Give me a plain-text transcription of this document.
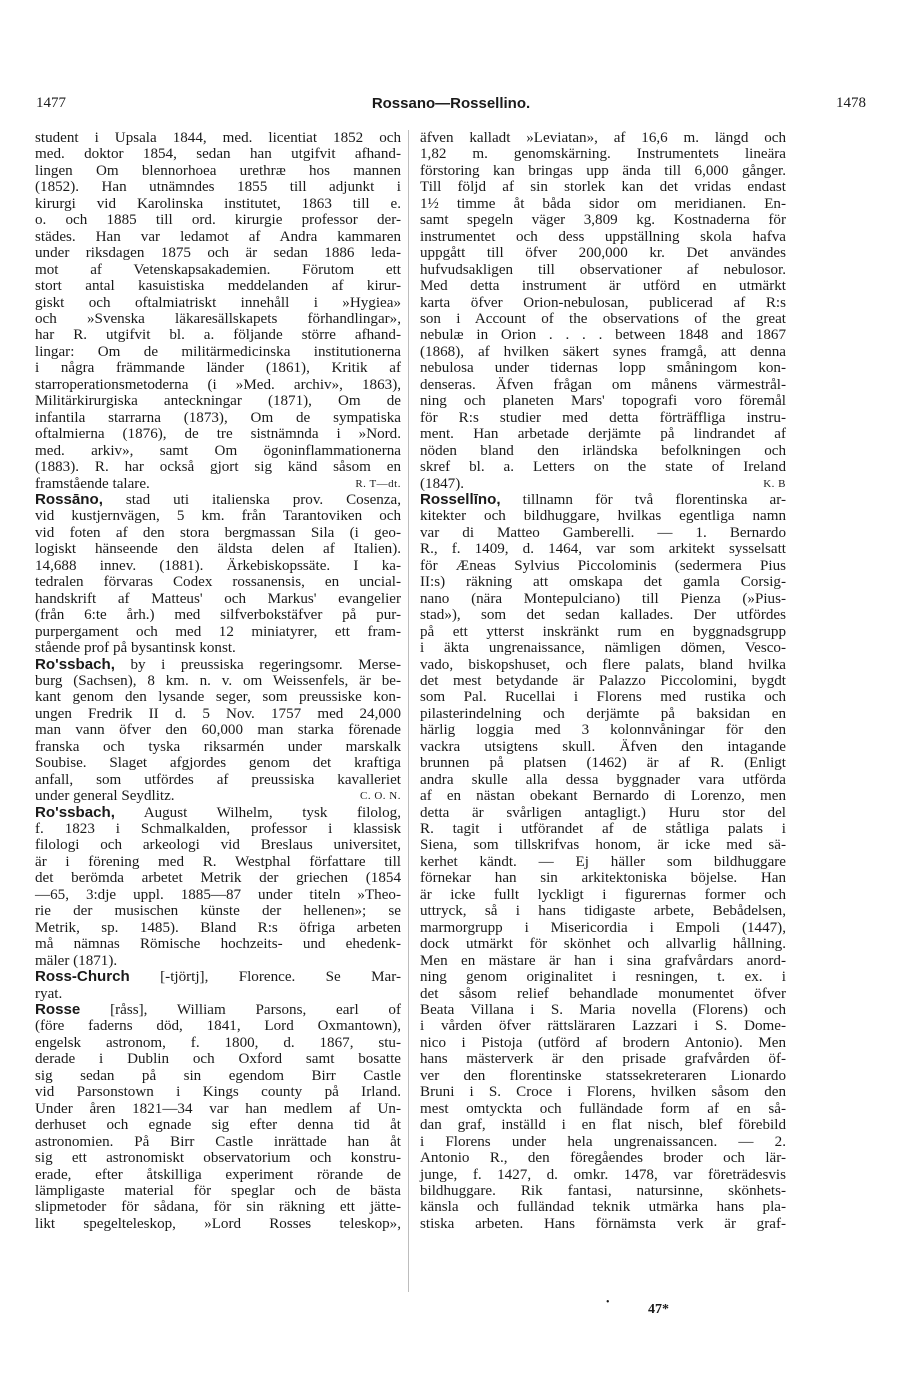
1477	Rossano—Rossellino.	1478
student i Upsala 1844, med. licentiat 1852 och
med. doktor 1854, sedan han utgifvit afhand-
lingen Om blennorhoea urethræ hos mannen
(1852). Han utnämndes 1855 till adjunkt i
kirurgi vid Karolinska institutet, 1863 till e.
o. och 1885 till ord. kirurgie professor der-
städes. Han var ledamot af Andra kammaren
under riksdagen 1875 och är sedan 1886 leda-
mot af Vetenskapsakademien. Förutom ett
stort antal kasuistiska meddelanden af kirur-
giskt och oftalmiatriskt innehåll i »Hygiea»
och »Svenska läkaresällskapets förhandlingar»,
har R. utgifvit bl. a. följande större afhand-
lingar: Om de militärmedicinska institutionerna
i några främmande länder (1861), Kritik af
starroperationsmetoderna (i »Med. archiv», 1863),
Militärkirurgiska anteckningar (1871), Om de
infantila starrarna (1873), Om de sympatiska
oftalmierna (1876), de tre sistnämnda i »Nord.
med. arkiv», samt Om ögoninflammationerna
(1883). R. har också gjort sig känd såsom en
framstående talare.	R. T—dt.
Rossāno, stad uti italienska prov. Cosenza,
vid kustjernvägen, 5 km. från Tarantoviken och
vid foten af den stora bergmassan Sila (i geo-
logiskt hänseende den äldsta delen af Italien).
14,688 innev. (1881). Ärkebiskopssäte. I ka-
tedralen förvaras Codex rossanensis, en uncial-
handskrift af Matteus' och Markus' evangelier
(från 6:te årh.) med silfverbokstäfver på pur-
purpergament och med 12 miniatyrer, ett fram-
stående prof på bysantinsk konst.
Ro'ssbach, by i preussiska regeringsomr. Merse-
burg (Sachsen), 8 km. n. v. om Weissenfels, är be-
kant genom den lysande seger, som preussiske kon-
ungen Fredrik II d. 5 Nov. 1757 med 24,000
man vann öfver den 60,000 man starka förenade
franska och tyska riksarmén under marskalk
Soubise. Slaget afgjordes genom det kraftiga
anfall, som utfördes af preussiska kavalleriet
under general Seydlitz.	C. O. N.
Ro'ssbach, August Wilhelm, tysk filolog,
f. 1823 i Schmalkalden, professor i klassisk
filologi och arkeologi vid Breslaus universitet,
är i förening med R. Westphal författare till
det berömda arbetet Metrik der griechen (1854
—65, 3:dje uppl. 1885—87 under titeln »Theo-
rie der musischen künste der hellenen»; se
Metrik, sp. 1485). Bland R:s öfriga arbeten
må nämnas Römische hochzeits- und ehedenk-
mäler (1871).
Ross-Church [-tjörtj], Florence. Se Mar-
ryat.
Rosse [råss], William Parsons, earl of
(före faderns död, 1841, Lord Oxmantown),
engelsk astronom, f. 1800, d. 1867, stu-
derade i Dublin och Oxford samt bosatte
sig sedan på sin egendom Birr Castle
vid Parsonstown i Kings county på Irland.
Under åren 1821—34 var han medlem af Un-
derhuset och egnade sig efter denna tid åt
astronomien. På Birr Castle inrättade han åt
sig ett astronomiskt observatorium och konstru-
erade, efter åtskilliga experiment rörande de
lämpligaste material för speglar och de bästa
slipmetoder för sådana, för sin räkning ett jätte-
likt spegelteleskop, »Lord Rosses teleskop»,
äfven kalladt »Leviatan», af 16,6 m. längd och
1,82 m. genomskärning. Instrumentets lineära
förstoring kan bringas upp ända till 6,000 gånger.
Till följd af sin storlek kan det vridas endast
1½ timme åt båda sidor om meridianen. En-
samt spegeln väger 3,809 kg. Kostnaderna för
instrumentet och dess uppställning skola hafva
uppgått till öfver 200,000 kr. Det användes
hufvudsakligen till observationer af nebulosor.
Med detta instrument är utförd en utmärkt
karta öfver Orion-nebulosan, publicerad af R:s
son i Account of the observations of the great
nebulæ in Orion . . . . between 1848 and 1867
(1868), af hvilken säkert synes framgå, att denna
nebulosa under tidernas lopp småningom kon-
denseras. Äfven frågan om månens värmestrål-
ning och planeten Mars' topografi voro föremål
för R:s studier med detta förträffliga instru-
ment. Han arbetade derjämte på lindrandet af
nöden bland den irländska befolkningen och
skref bl. a. Letters on the state of Ireland
(1847).	K. B
Rossellīno, tillnamn för två florentinska ar-
kitekter och bildhuggare, hvilkas egentliga namn
var di Matteo Gamberelli. — 1. Bernardo
R., f. 1409, d. 1464, var som arkitekt sysselsatt
för Æneas Sylvius Piccolominis (sedermera Pius
II:s) räkning att omskapa det gamla Corsig-
nano (nära Montepulciano) till Pienza (»Pius-
stad»), som det sedan kallades. Der utfördes
på ett ytterst inskränkt rum en byggnadsgrupp
i äkta ungrenaissance, nämligen dömen, Vesco-
vado, biskopshuset, och flere palats, bland hvilka
det mest betydande är Palazzo Piccolomini, bygdt
som Pal. Rucellai i Florens med rustika och
pilasterindelning och derjämte på baksidan en
härlig loggia med 3 kolonnvåningar för den
vackra utsigtens skull. Äfven den intagande
brunnen på platsen (1462) är af R. (Enligt
andra skulle alla dessa byggnader vara utförda
af en nästan obekant Bernardo di Lorenzo, men
detta är svårligen antagligt.) Huru stor del
R. tagit i utförandet af de ståtliga palats i
Siena, som tillskrifvas honom, är icke med sä-
kerhet kändt. — Ej häller som bildhuggare
förnekar han sin arkitektoniska böjelse. Han
är icke fullt lyckligt i figurernas former och
uttryck, så i hans tidigaste arbete, Bebådelsen,
marmorgrupp i Misericordia i Empoli (1447),
dock utmärkt för skönhet och allvarlig hållning.
Men en mästare är han i sina grafvårdars anord-
ning genom originalitet i resningen, t. ex. i
det såsom relief behandlade monumentet öfver
Beata Villana i S. Maria novella (Florens) och
i vården öfver rättsläraren Lazzari i S. Dome-
nico i Pistoja (utförd af brodern Antonio). Men
hans mästerverk är den prisade grafvården öf-
ver den florentinske statssekreteraren Lionardo
Bruni i S. Croce i Florens, hvilken såsom den
mest omtyckta och fulländade form af en så-
dan graf, inställd i en flat nisch, blef förebild
i Florens under hela ungrenaissancen. — 2.
Antonio R., den föregåendes broder och lär-
junge, f. 1427, d. omkr. 1478, var företrädesvis
bildhuggare. Rik fantasi, natursinne, skönhets-
känsla och fulländad teknik utmärka hans pla-
stiska arbeten. Hans förnämsta verk är graf-
•	47*
